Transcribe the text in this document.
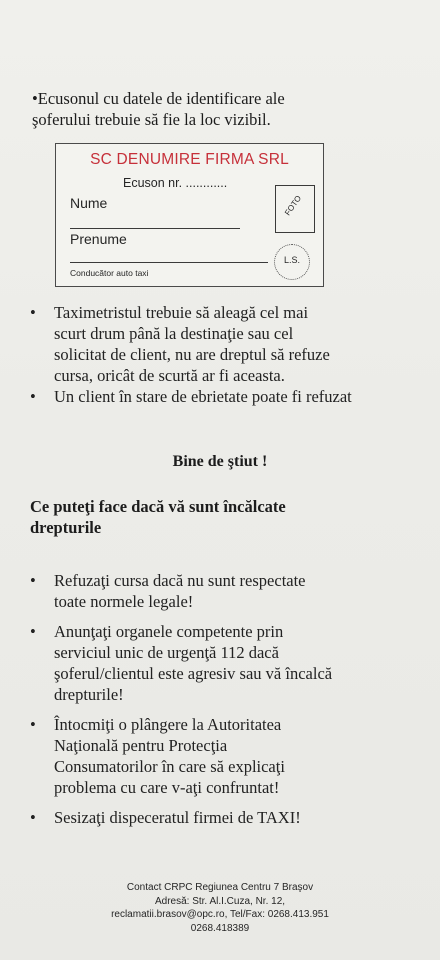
•Ecusonul cu datele de identificare ale
şoferului trebuie să fie la loc vizibil.
SC DENUMIRE FIRMA SRL
Ecuson nr. ............
Nume
Prenume
Conducător auto taxi
FOTO
L.S.
• Taximetristul trebuie să aleagă cel mai
scurt drum până la destinaţie sau cel
solicitat de client, nu are dreptul să refuze
cursa, oricât de scurtă ar fi aceasta.
• Un client în stare de ebrietate poate fi refuzat
Bine de ştiut !
Ce puteţi face dacă vă sunt încălcate
drepturile
• Refuzaţi cursa dacă nu sunt respectate
toate normele legale!
• Anunţaţi organele competente prin
serviciul unic de urgenţă 112 dacă
şoferul/clientul este agresiv sau vă încalcă
drepturile!
• Întocmiţi o plângere la Autoritatea
Naţională pentru Protecţia
Consumatorilor în care să explicaţi
problema cu care v-aţi confruntat!
• Sesizaţi dispeceratul firmei de TAXI!
Contact CRPC Regiunea Centru 7 Braşov
Adresă: Str. Al.I.Cuza, Nr. 12,
reclamatii.brasov@opc.ro, Tel/Fax: 0268.413.951
0268.418389
